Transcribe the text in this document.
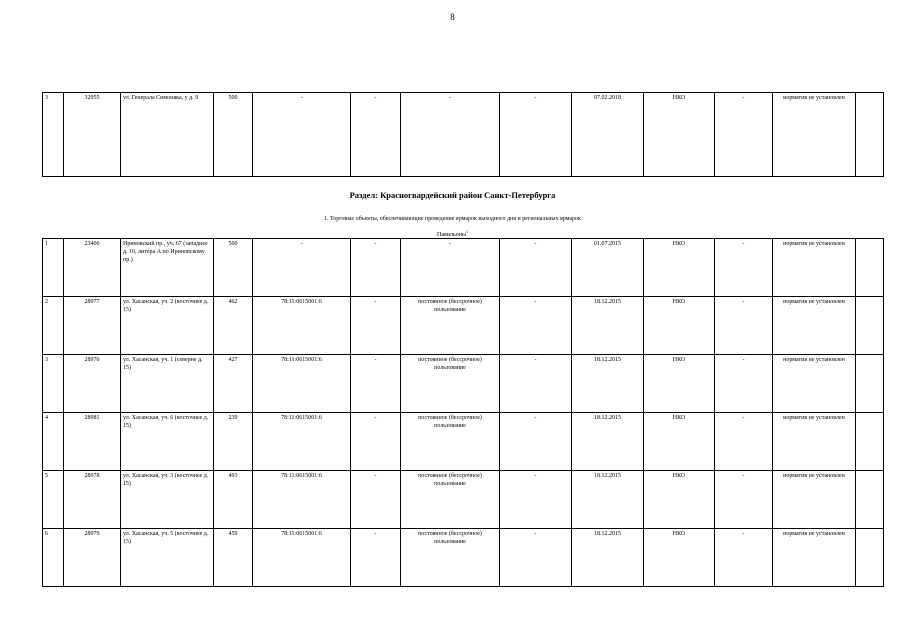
8
3	32955	ул. Генерала Симоняка, у д. 9	500	-	-	-	-	07.02.2018	НКО	-	норматив не установлен	
Раздел: Красногвардейский район Санкт-Петербурга
1. Торговые объекты, обеспечивающие проведение ярмарок выходного дня и региональных ярмарок
Павильоны$^1$
1	23406	Ириновский пр., уч. 67 (западнее д. 10, литера А по Ириновскому пр.)	500	-	-	-	-	01.07.2015	НКО	-	норматив не установлен	
2	28977	ул. Хасанская, уч. 2 (восточнее д. 15)	462	78:11:0615001:6	-	постоянное (бессрочное) пользование	-	18.12.2015	НКО	-	норматив не установлен	
3	28976	ул. Хасанская, уч. 1 (северне д. 15)	427	78:11:0615001:6	-	постоянное (бессрочное) пользование	-	18.12.2015	НКО	-	норматив не установлен	
4	28981	ул. Хасанская, уч. 6 (восточнее д. 15)	239	78:11:0615001:6	-	постоянное (бессрочное) пользование	-	18.12.2015	НКО	-	норматив не установлен	
5	28978	ул. Хасанская, уч. 3 (восточнее д. 15)	493	78:11:0615001:6	-	постоянное (бессрочное) пользование	-	18.12.2015	НКО	-	норматив не установлен	
6	28979	ул. Хасанская, уч. 5 (восточнее д. 15)	459	78:11:0615001:6	-	постоянное (бессрочное) пользование	-	18.12.2015	НКО	-	норматив не установлен	
